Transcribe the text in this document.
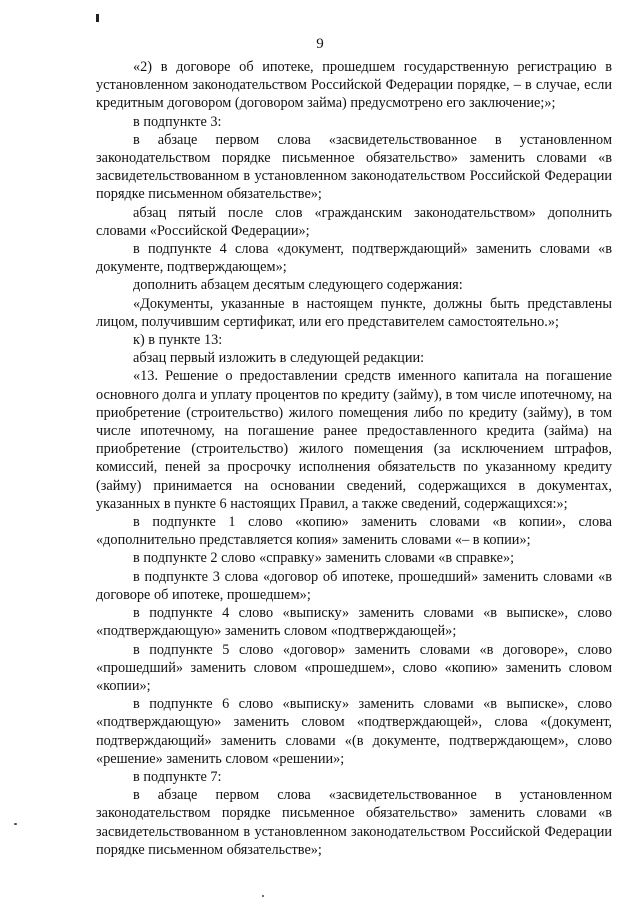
9

«2) в договоре об ипотеке, прошедшем государственную регистрацию в установленном законодательством Российской Федерации порядке, – в случае, если кредитным договором (договором займа) предусмотрено его заключение;»;

в подпункте 3:

в абзаце первом слова «засвидетельствованное в установленном законодательством порядке письменное обязательство» заменить словами «в засвидетельствованном в установленном законодательством Российской Федерации порядке письменном обязательстве»;

абзац пятый после слов «гражданским законодательством» дополнить словами «Российской Федерации»;

в подпункте 4 слова «документ, подтверждающий» заменить словами «в документе, подтверждающем»;

дополнить абзацем десятым следующего содержания:

«Документы, указанные в настоящем пункте, должны быть представлены лицом, получившим сертификат, или его представителем самостоятельно.»;

к) в пункте 13:

абзац первый изложить в следующей редакции:

«13. Решение о предоставлении средств именного капитала на погашение основного долга и уплату процентов по кредиту (займу), в том числе ипотечному, на приобретение (строительство) жилого помещения либо по кредиту (займу), в том числе ипотечному, на погашение ранее предоставленного кредита (займа) на приобретение (строительство) жилого помещения (за исключением штрафов, комиссий, пеней за просрочку исполнения обязательств по указанному кредиту (займу) принимается на основании сведений, содержащихся в документах, указанных в пункте 6 настоящих Правил, а также сведений, содержащихся:»;

в подпункте 1 слово «копию» заменить словами «в копии», слова «дополнительно представляется копия» заменить словами «– в копии»;

в подпункте 2 слово «справку» заменить словами «в справке»;

в подпункте 3 слова «договор об ипотеке, прошедший» заменить словами «в договоре об ипотеке, прошедшем»;

в подпункте 4 слово «выписку» заменить словами «в выписке», слово «подтверждающую» заменить словом «подтверждающей»;

в подпункте 5 слово «договор» заменить словами «в договоре», слово «прошедший» заменить словом «прошедшем», слово «копию» заменить словом «копии»;

в подпункте 6 слово «выписку» заменить словами «в выписке», слово «подтверждающую» заменить словом «подтверждающей», слова «(документ, подтверждающий» заменить словами «(в документе, подтверждающем», слово «решение» заменить словом «решении»;

в подпункте 7:

в абзаце первом слова «засвидетельствованное в установленном законодательством порядке письменное обязательство» заменить словами «в засвидетельствованном в установленном законодательством Российской Федерации порядке письменном обязательстве»;
